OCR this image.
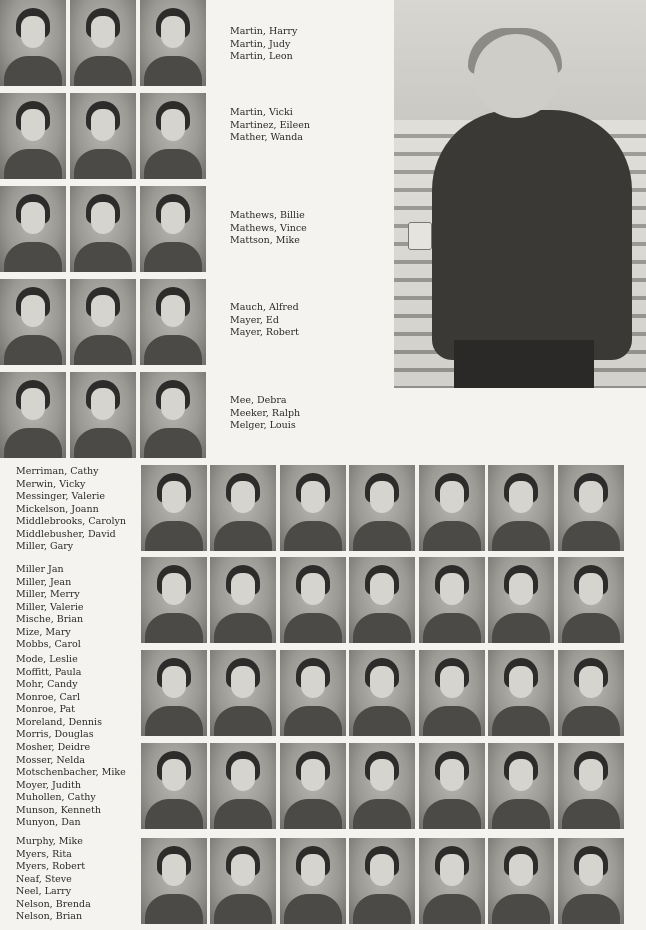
Martin, Harry
Martin, Judy
Martin, Leon
Martin, Vicki
Martinez, Eileen
Mather, Wanda
Mathews, Billie
Mathews, Vince
Mattson, Mike
Mauch, Alfred
Mayer, Ed
Mayer, Robert
Mee, Debra
Meeker, Ralph
Melger, Louis
Merriman, Cathy
Merwin, Vicky
Messinger, Valerie
Mickelson, Joann
Middlebrooks, Carolyn
Middlebusher, David
Miller, Gary
Miller Jan
Miller, Jean
Miller, Merry
Miller, Valerie
Mische, Brian
Mize, Mary
Mobbs, Carol
Mode, Leslie
Moffitt, Paula
Mohr, Candy
Monroe, Carl
Monroe, Pat
Moreland, Dennis
Morris, Douglas
Mosher, Deidre
Mosser, Nelda
Motschenbacher, Mike
Moyer, Judith
Muhollen, Cathy
Munson, Kenneth
Munyon, Dan
Murphy, Mike
Myers, Rita
Myers, Robert
Neaf, Steve
Neel, Larry
Nelson, Brenda
Nelson, Brian
